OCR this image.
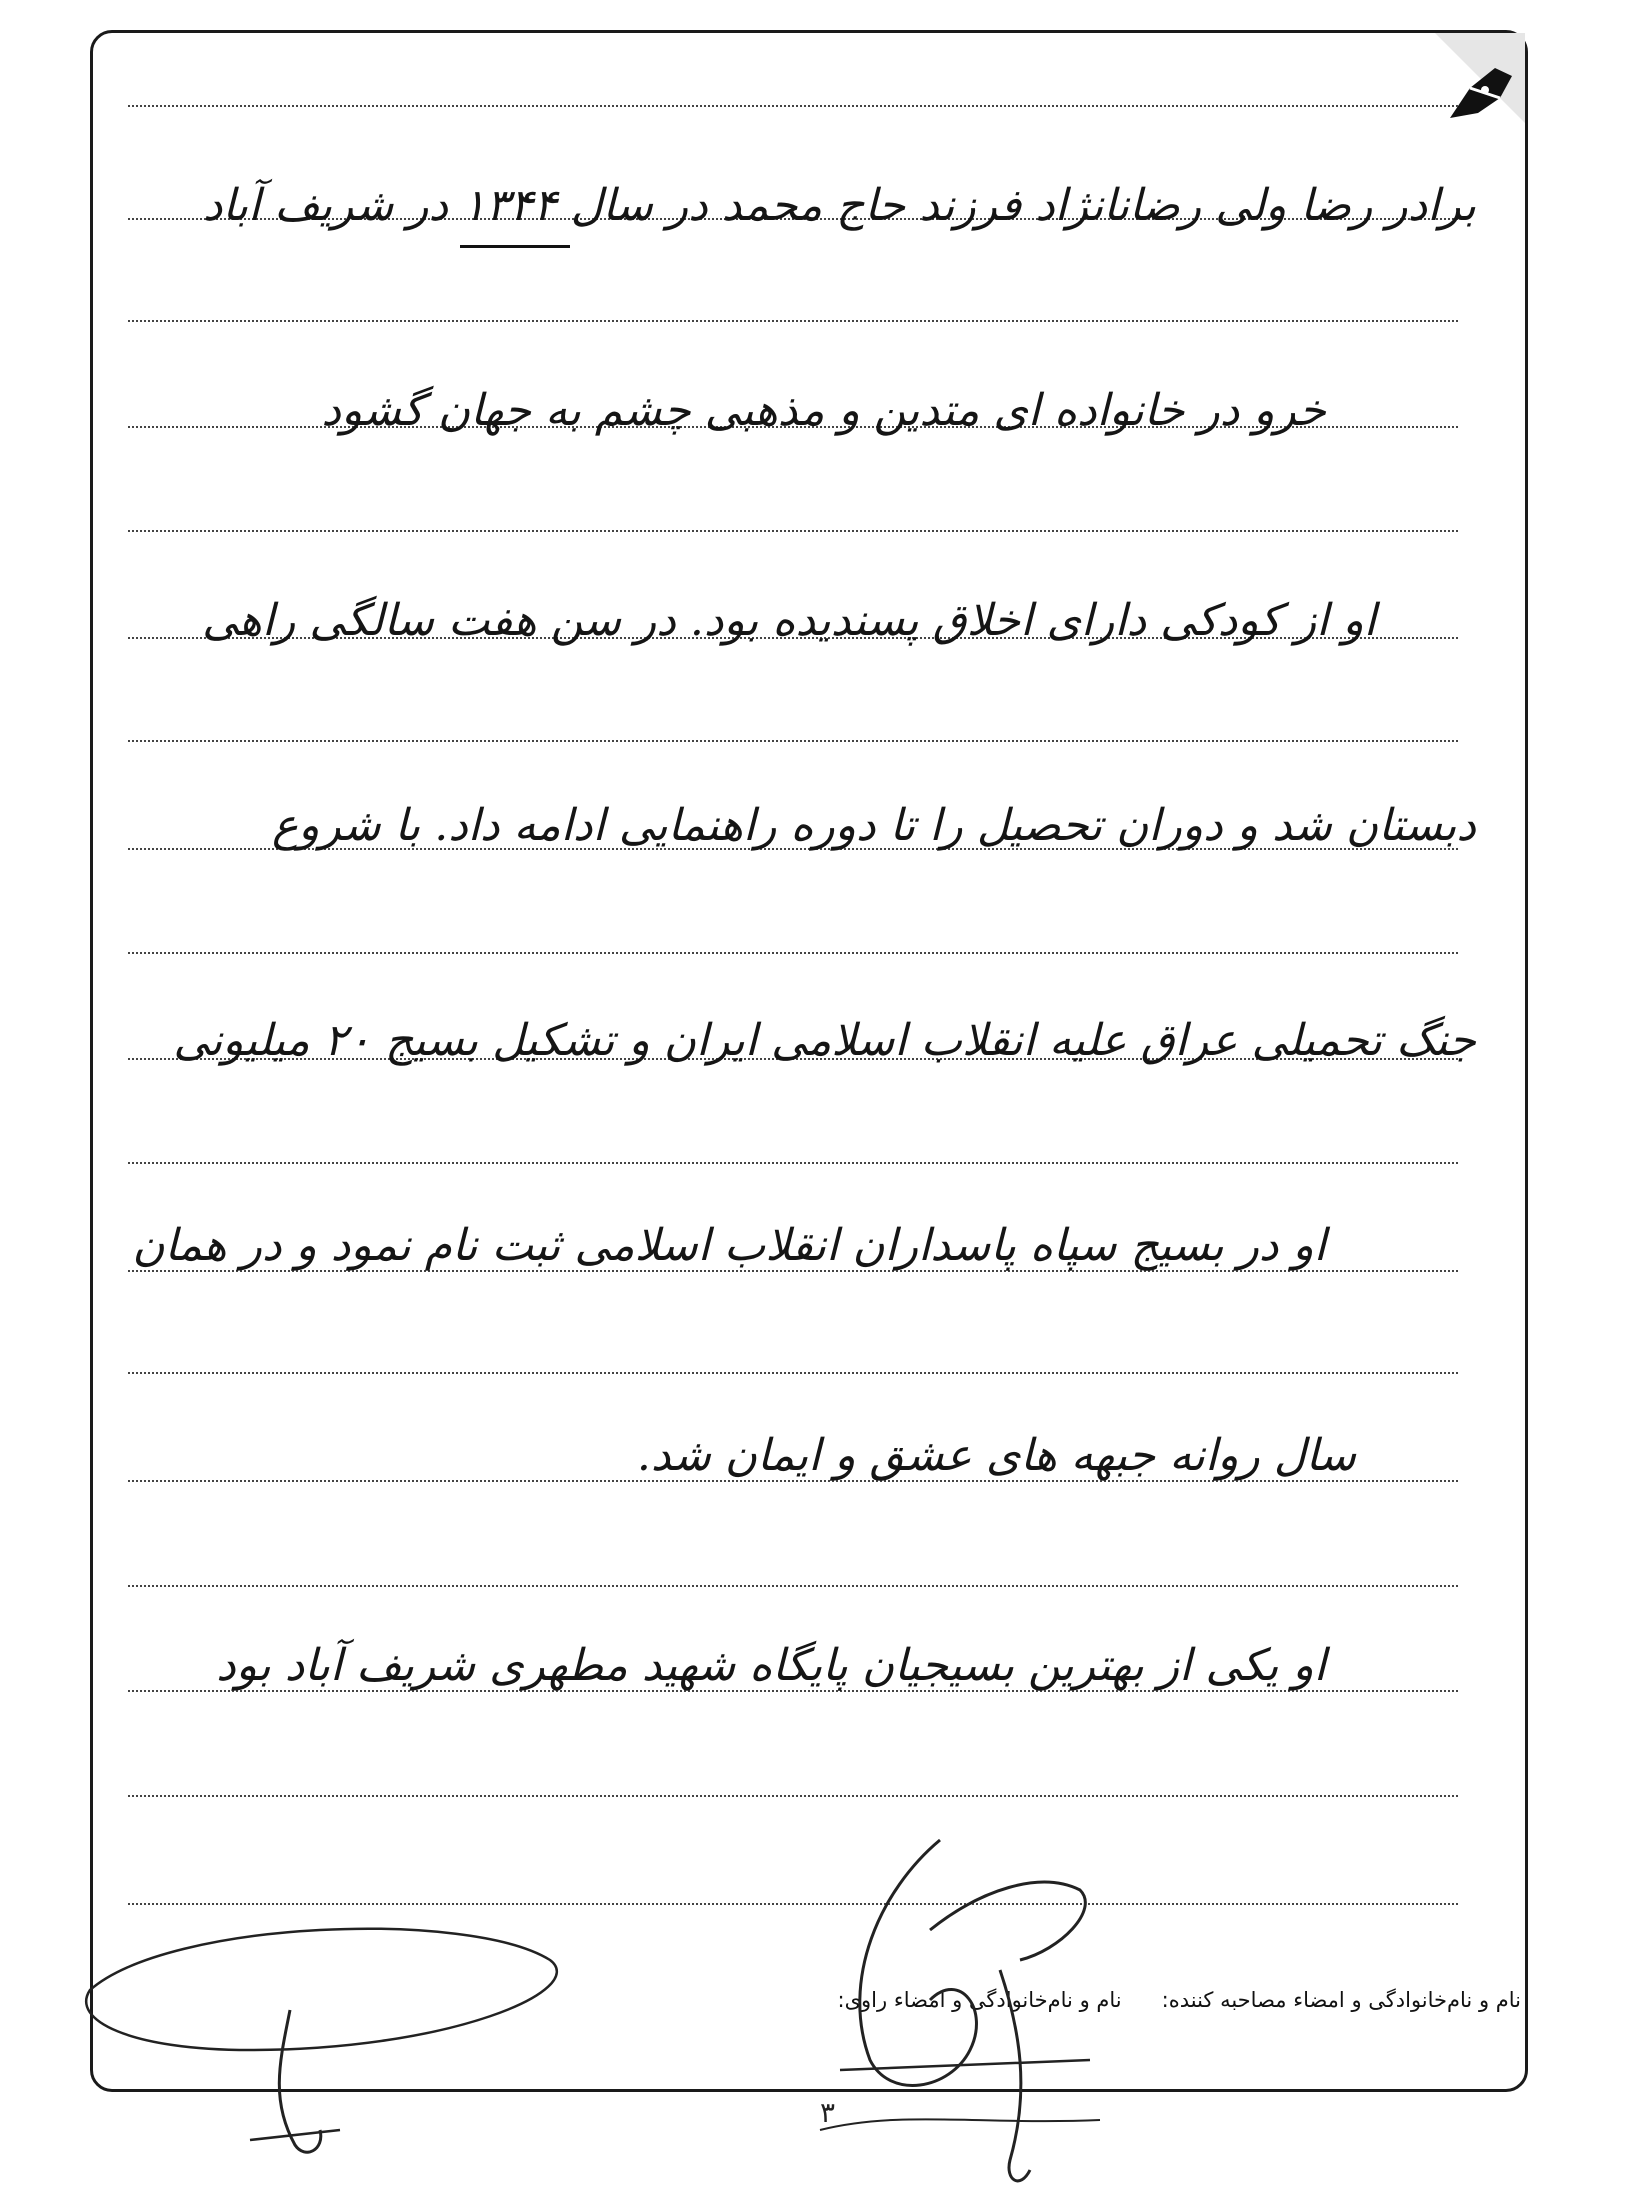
برادر رضا ولی رضانانژاد فرزند حاج محمد در سال ۱۳۴۴ در شریف آباد
خرو در خانواده ای متدین و مذهبی چشم به جهان گشود
او از کودکی دارای اخلاق پسندیده بود. در سن هفت سالگی راهی
دبستان شد و دوران تحصیل را تا دوره راهنمایی ادامه داد. با شروع
جنگ تحمیلی عراق علیه انقلاب اسلامی ایران و تشکیل بسیج ۲۰ میلیونی
او در بسیج سپاه پاسداران انقلاب اسلامی ثبت نام نمود و در همان
سال روانه جبهه های عشق و ایمان شد.
او یکی از بهترین بسیجیان پایگاه شهید مطهری شریف آباد بود
نام و نام‌خانوادگی و امضاء مصاحبه کننده:
نام و نام‌خانوادگی و امضاء راوی:
۳
